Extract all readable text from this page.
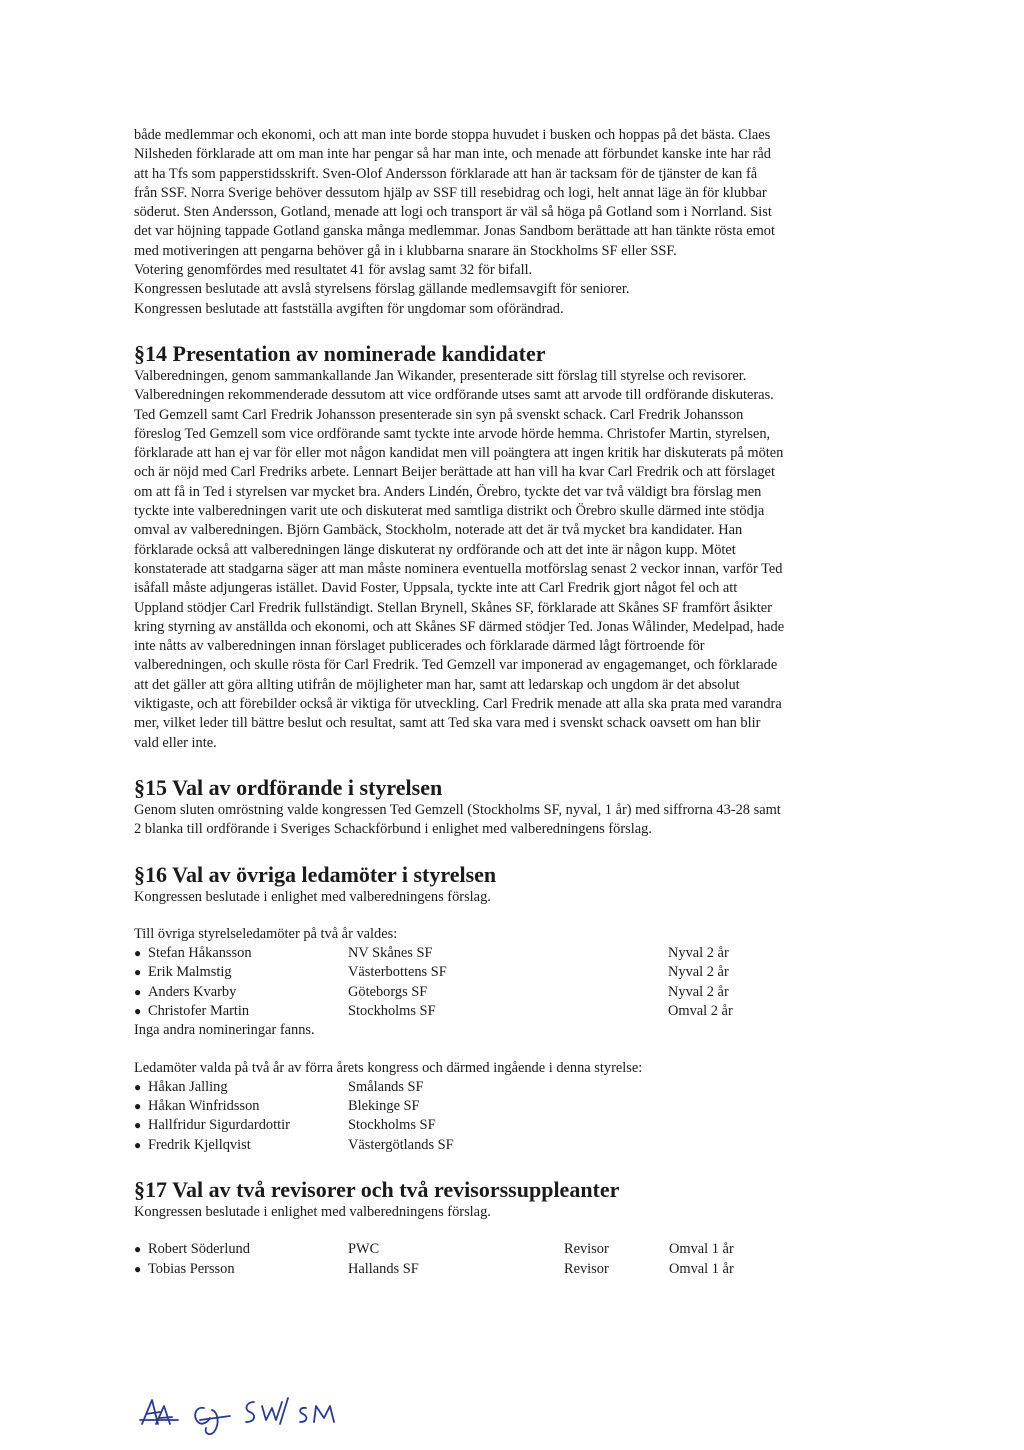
både medlemmar och ekonomi, och att man inte borde stoppa huvudet i busken och hoppas på det bästa. Claes
Nilsheden förklarade att om man inte har pengar så har man inte, och menade att förbundet kanske inte har råd
att ha Tfs som papperstidsskrift. Sven-Olof Andersson förklarade att han är tacksam för de tjänster de kan få
från SSF. Norra Sverige behöver dessutom hjälp av SSF till resebidrag och logi, helt annat läge än för klubbar
söderut. Sten Andersson, Gotland, menade att logi och transport är väl så höga på Gotland som i Norrland. Sist
det var höjning tappade Gotland ganska många medlemmar. Jonas Sandbom berättade att han tänkte rösta emot
med motiveringen att pengarna behöver gå in i klubbarna snarare än Stockholms SF eller SSF.
Votering genomfördes med resultatet 41 för avslag samt 32 för bifall.
Kongressen beslutade att avslå styrelsens förslag gällande medlemsavgift för seniorer.
Kongressen beslutade att fastställa avgiften för ungdomar som oförändrad.
§14 Presentation av nominerade kandidater
Valberedningen, genom sammankallande Jan Wikander, presenterade sitt förslag till styrelse och revisorer.
Valberedningen rekommenderade dessutom att vice ordförande utses samt att arvode till ordförande diskuteras.
Ted Gemzell samt Carl Fredrik Johansson presenterade sin syn på svenskt schack. Carl Fredrik Johansson
föreslog Ted Gemzell som vice ordförande samt tyckte inte arvode hörde hemma. Christofer Martin, styrelsen,
förklarade att han ej var för eller mot någon kandidat men vill poängtera att ingen kritik har diskuterats på möten
och är nöjd med Carl Fredriks arbete. Lennart Beijer berättade att han vill ha kvar Carl Fredrik och att förslaget
om att få in Ted i styrelsen var mycket bra. Anders Lindén, Örebro, tyckte det var två väldigt bra förslag men
tyckte inte valberedningen varit ute och diskuterat med samtliga distrikt och Örebro skulle därmed inte stödja
omval av valberedningen. Björn Gambäck, Stockholm, noterade att det är två mycket bra kandidater. Han
förklarade också att valberedningen länge diskuterat ny ordförande och att det inte är någon kupp. Mötet
konstaterade att stadgarna säger att man måste nominera eventuella motförslag senast 2 veckor innan, varför Ted
isåfall måste adjungeras istället. David Foster, Uppsala, tyckte inte att Carl Fredrik gjort något fel och att
Uppland stödjer Carl Fredrik fullständigt. Stellan Brynell, Skånes SF, förklarade att Skånes SF framfört åsikter
kring styrning av anställda och ekonomi, och att Skånes SF därmed stödjer Ted. Jonas Wålinder, Medelpad, hade
inte nåtts av valberedningen innan förslaget publicerades och förklarade därmed lågt förtroende för
valberedningen, och skulle rösta för Carl Fredrik. Ted Gemzell var imponerad av engagemanget, och förklarade
att det gäller att göra allting utifrån de möjligheter man har, samt att ledarskap och ungdom är det absolut
viktigaste, och att förebilder också är viktiga för utveckling. Carl Fredrik menade att alla ska prata med varandra
mer, vilket leder till bättre beslut och resultat, samt att Ted ska vara med i svenskt schack oavsett om han blir
vald eller inte.
§15 Val av ordförande i styrelsen
Genom sluten omröstning valde kongressen Ted Gemzell (Stockholms SF, nyval, 1 år) med siffrorna 43-28 samt
2 blanka till ordförande i Sveriges Schackförbund i enlighet med valberedningens förslag.
§16 Val av övriga ledamöter i styrelsen
Kongressen beslutade i enlighet med valberedningens förslag.
Till övriga styrelseledamöter på två år valdes:
● Stefan Håkansson	NV Skånes SF	Nyval 2 år
● Erik Malmstig	Västerbottens SF	Nyval 2 år
● Anders Kvarby	Göteborgs SF	Nyval 2 år
● Christofer Martin	Stockholms SF	Omval 2 år
Inga andra nomineringar fanns.
Ledamöter valda på två år av förra årets kongress och därmed ingående i denna styrelse:
● Håkan Jalling	Smålands SF
● Håkan Winfridsson	Blekinge SF
● Hallfridur Sigurdardottir	Stockholms SF
● Fredrik Kjellqvist	Västergötlands SF
§17 Val av två revisorer och två revisorssuppleanter
Kongressen beslutade i enlighet med valberedningens förslag.
● Robert Söderlund	PWC	Revisor	Omval 1 år
● Tobias Persson	Hallands SF	Revisor	Omval 1 år
